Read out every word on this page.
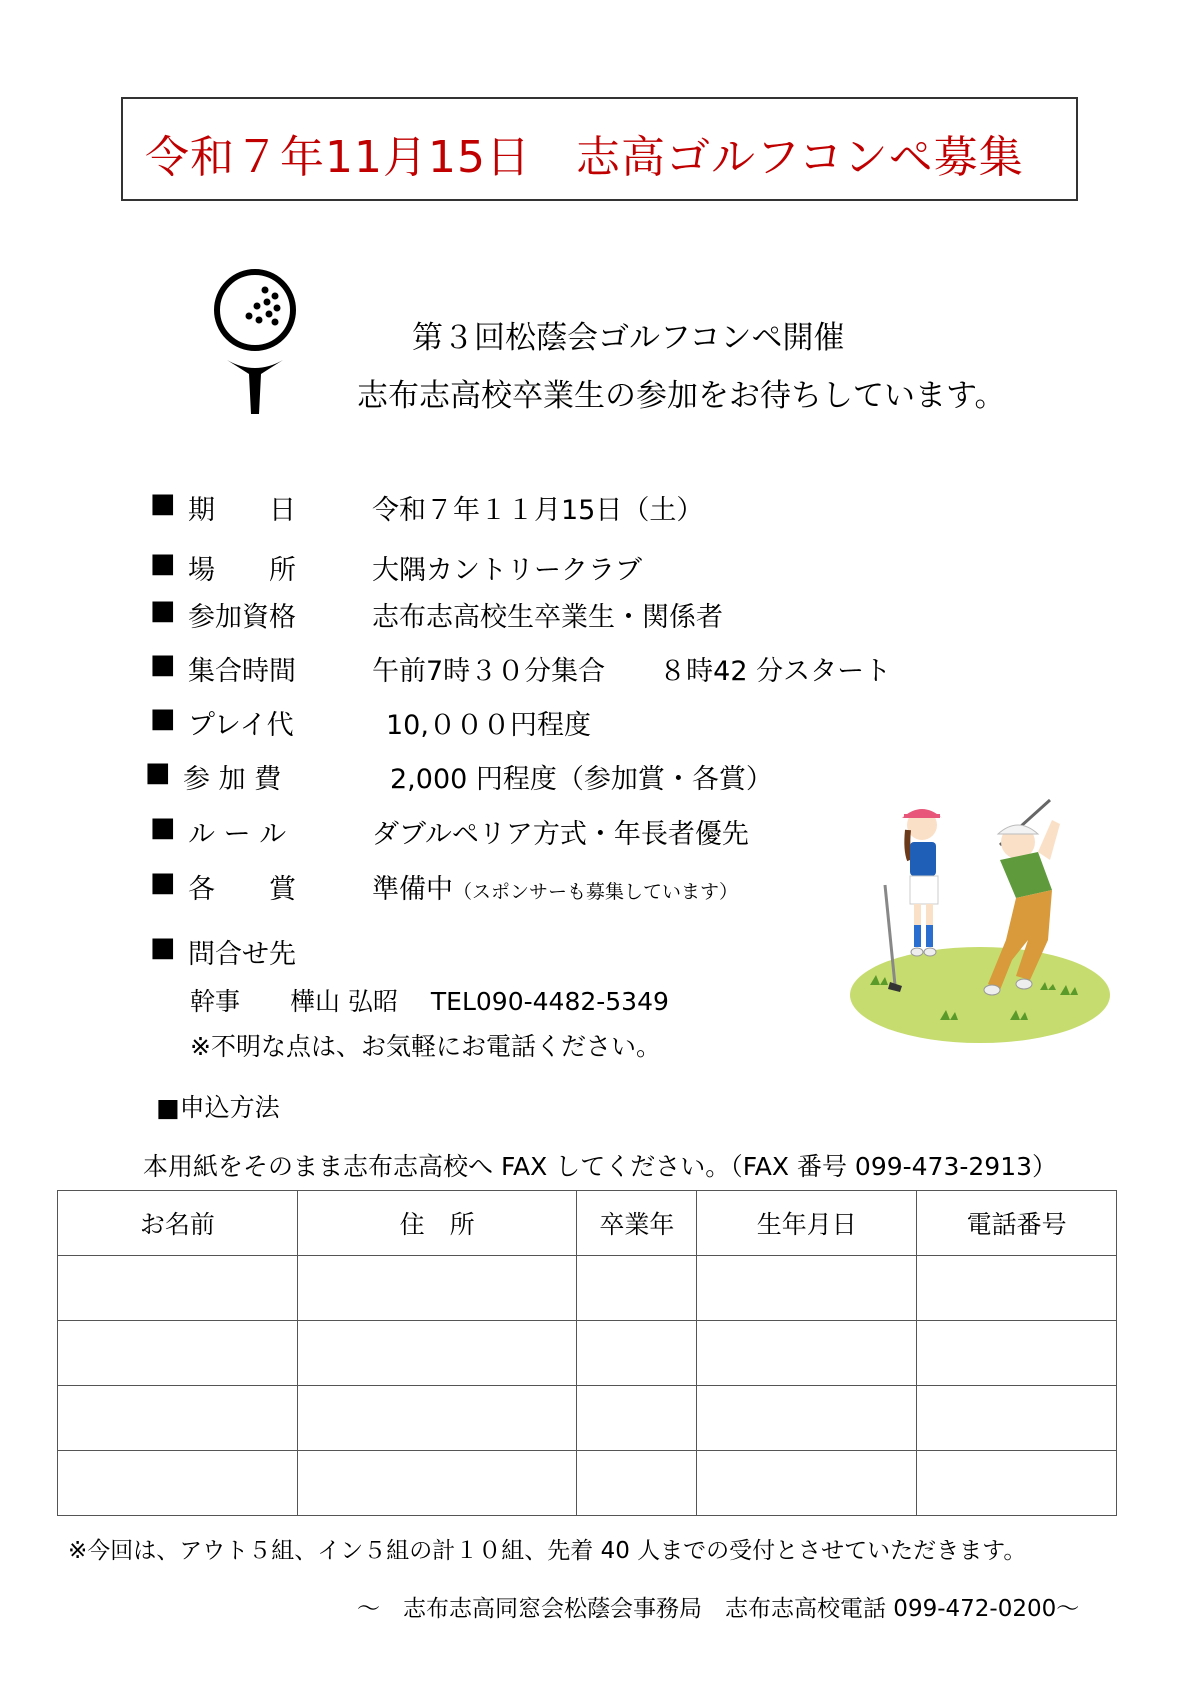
令和７年11月15日　志高ゴルフコンペ募集
第３回松蔭会ゴルフコンペ開催
志布志高校卒業生の参加をお待ちしています。
■ 期　　日	令和７年１１月15日（土）
■ 場　　所	大隅カントリークラブ
■ 参加資格	志布志高校生卒業生・関係者
■ 集合時間	午前7時３０分集合　　８時42 分スタート
■ プレイ代	10,０００円程度
■ 参 加 費	2,000 円程度（参加賞・各賞）
■ ル ー ル	ダブルペリア方式・年長者優先
■ 各　　賞	準備中（スポンサーも募集しています）
■ 問合せ先
幹事　　樺山 弘昭　 TEL090-4482-5349
※不明な点は、お気軽にお電話ください。
■申込方法
本用紙をそのまま志布志高校へ FAX してください。（FAX 番号 099-473-2913）
お名前	住　所	卒業年	生年月日	電話番号

※今回は、アウト５組、イン５組の計１０組、先着 40 人までの受付とさせていただきます。
～　志布志高同窓会松蔭会事務局　志布志高校電話 099-472-0200～
